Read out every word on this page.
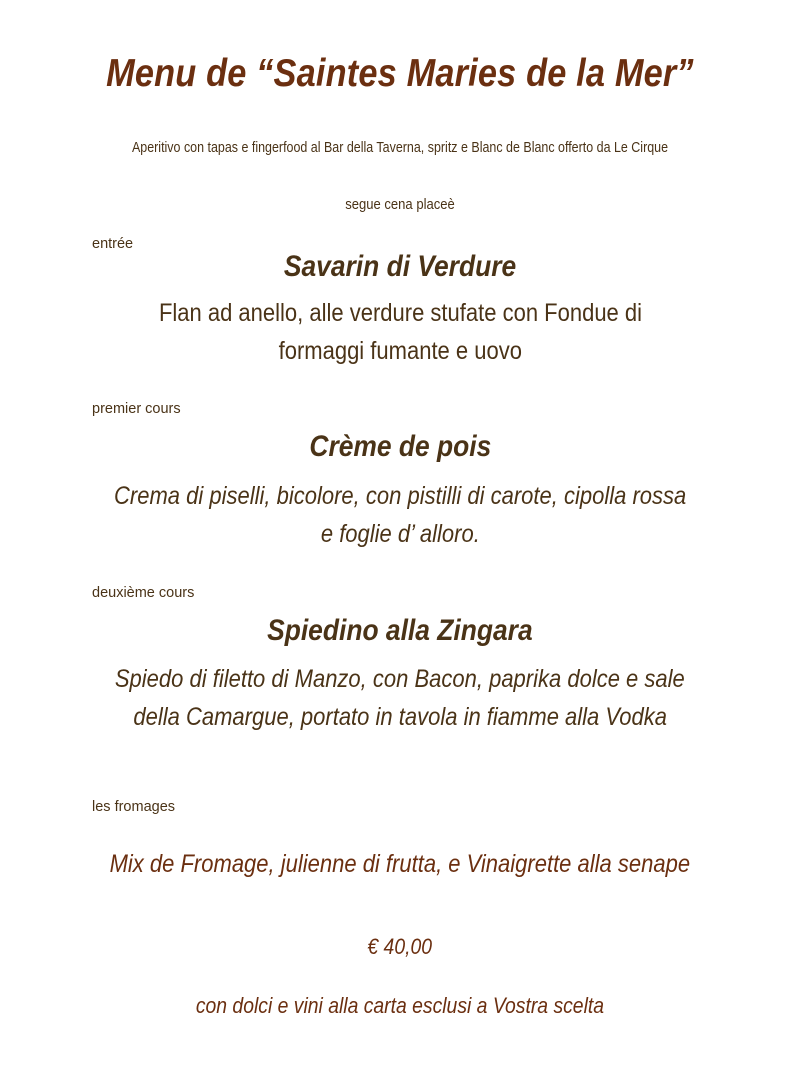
Menu de “Saintes Maries de la Mer”
Aperitivo con tapas e fingerfood al Bar della Taverna, spritz e Blanc de Blanc offerto da Le Cirque
segue cena placeè
entrée
Savarin di Verdure
Flan ad anello, alle verdure stufate con Fondue di
formaggi fumante e uovo
premier cours
Crème de pois
Crema di piselli, bicolore, con pistilli di carote, cipolla rossa
e foglie d’ alloro.
deuxième cours
Spiedino alla Zingara
Spiedo di filetto di Manzo, con Bacon, paprika dolce e sale
della Camargue, portato in tavola in fiamme alla Vodka
les fromages
Mix de Fromage, julienne di frutta, e Vinaigrette alla senape
€ 40,00
con dolci e vini alla carta esclusi a Vostra scelta
